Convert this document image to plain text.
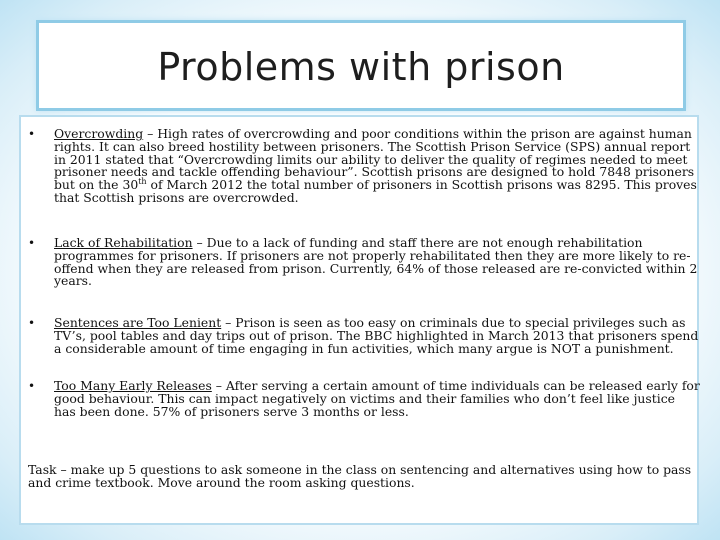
Problems with prison
• Overcrowding – High rates of overcrowding and poor conditions within the prison are against human rights. It can also breed hostility between prisoners. The Scottish Prison Service (SPS) annual report in 2011 stated that “Overcrowding limits our ability to deliver the quality of regimes needed to meet prisoner needs and tackle offending behaviour”. Scottish prisons are designed to hold 7848 prisoners but on the 30th of March 2012 the total number of prisoners in Scottish prisons was 8295. This proves that Scottish prisons are overcrowded.
• Lack of Rehabilitation – Due to a lack of funding and staff there are not enough rehabilitation programmes for prisoners. If prisoners are not properly rehabilitated then they are more likely to re-offend when they are released from prison. Currently, 64% of those released are re-convicted within 2 years.
• Sentences are Too Lenient – Prison is seen as too easy on criminals due to special privileges such as TV’s, pool tables and day trips out of prison. The BBC highlighted in March 2013 that prisoners spend a considerable amount of time engaging in fun activities, which many argue is NOT a punishment.
• Too Many Early Releases – After serving a certain amount of time individuals can be released early for good behaviour. This can impact negatively on victims and their families who don’t feel like justice has been done. 57% of prisoners serve 3 months or less.
Task – make up 5 questions to ask someone in the class on sentencing and alternatives using how to pass and crime textbook. Move around the room asking questions.
